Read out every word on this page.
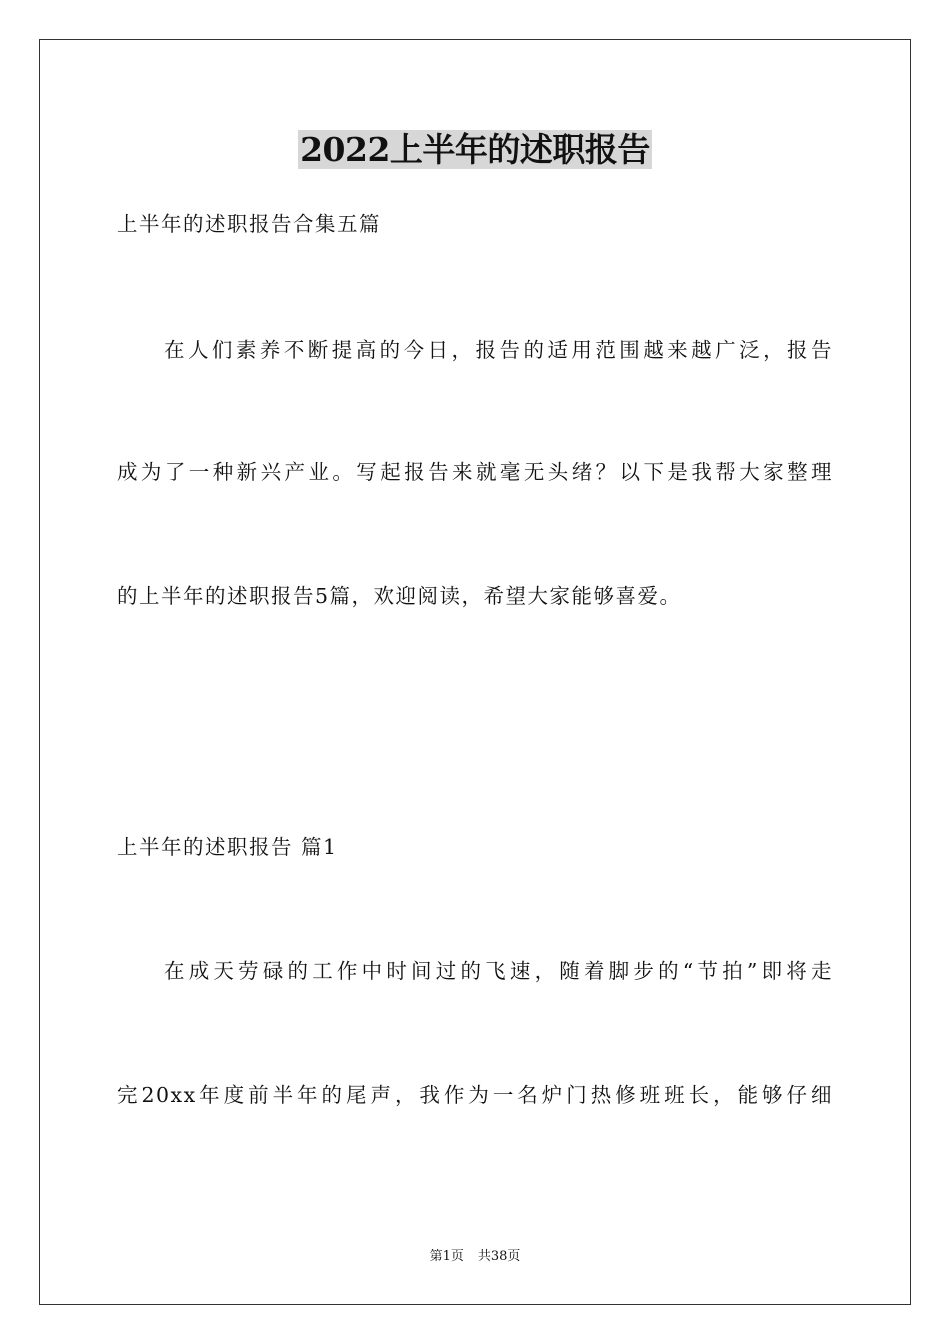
2022上半年的述职报告
上半年的述职报告合集五篇
在人们素养不断提高的今日，报告的适用范围越来越广泛，报告
成为了一种新兴产业。写起报告来就毫无头绪？以下是我帮大家整理
的上半年的述职报告5篇，欢迎阅读，希望大家能够喜爱。
上半年的述职报告 篇1
在成天劳碌的工作中时间过的飞速，随着脚步的“节拍”即将走
完20xx年度前半年的尾声，我作为一名炉门热修班班长，能够仔细
第1页 共38页
